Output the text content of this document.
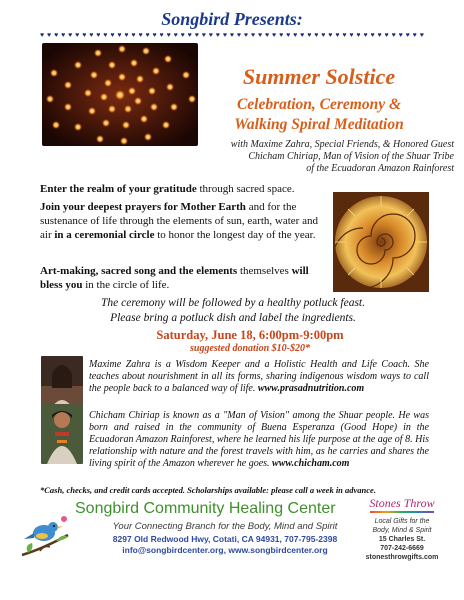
Songbird Presents:
♥ ♥ ♥ ♥ ♥ ♥ ♥ ♥ ♥ ♥ ♥ ♥ ♥ ♥ ♥ ♥ ♥ ♥ ♥ ♥ ♥ ♥ ♥ ♥ ♥ ♥ ♥ ♥ ♥ ♥ ♥ ♥ ♥ ♥ ♥ ♥ ♥ ♥ ♥ ♥ ♥ ♥ ♥ ♥ ♥ ♥ ♥ ♥ ♥ ♥ ♥ ♥ ♥ ♥ ♥
Summer Solstice
Celebration, Ceremony &
Walking Spiral Meditation
with Maxime Zahra, Special Friends, & Honored Guest
Chicham Chiriap, Man of Vision of the Shuar Tribe
of the Ecuadoran Amazon Rainforest
Enter the realm of your gratitude through sacred space.
Join your deepest prayers for Mother Earth and for the sustenance of life through the elements of sun, earth, water and air in a ceremonial circle to honor the longest day of the year.
Art-making, sacred song and the elements themselves will bless you in the circle of life.
The ceremony will be followed by a healthy potluck feast.
Please bring a potluck dish and label the ingredients.
Saturday, June 18, 6:00pm-9:00pm
suggested donation $10-$20*
Maxime Zahra is a Wisdom Keeper and a Holistic Health and Life Coach. She teaches about nourishment in all its forms, sharing indigenous wisdom ways to call the people back to a balanced way of life. www.prasadnutrition.com
Chicham Chiriap is known as a "Man of Vision" among the Shuar people. He was born and raised in the community of Buena Esperanza (Good Hope) in the Ecuadoran Amazon Rainforest, where he learned his life purpose at the age of 8. His relationship with nature and the forest travels with him, as he carries and shares the living spirit of the Amazon wherever he goes. www.chicham.com
*Cash, checks, and credit cards accepted. Scholarships available: please call a week in advance.
Songbird Community Healing Center
Your Connecting Branch for the Body, Mind and Spirit
8297 Old Redwood Hwy, Cotati, CA 94931, 707-795-2398
info@songbirdcenter.org, www.songbirdcenter.org
Stones Throw
Local Gifts for the
Body, Mind & Spirit
15 Charles St.
707-242-6669
stonesthrowgifts.com
